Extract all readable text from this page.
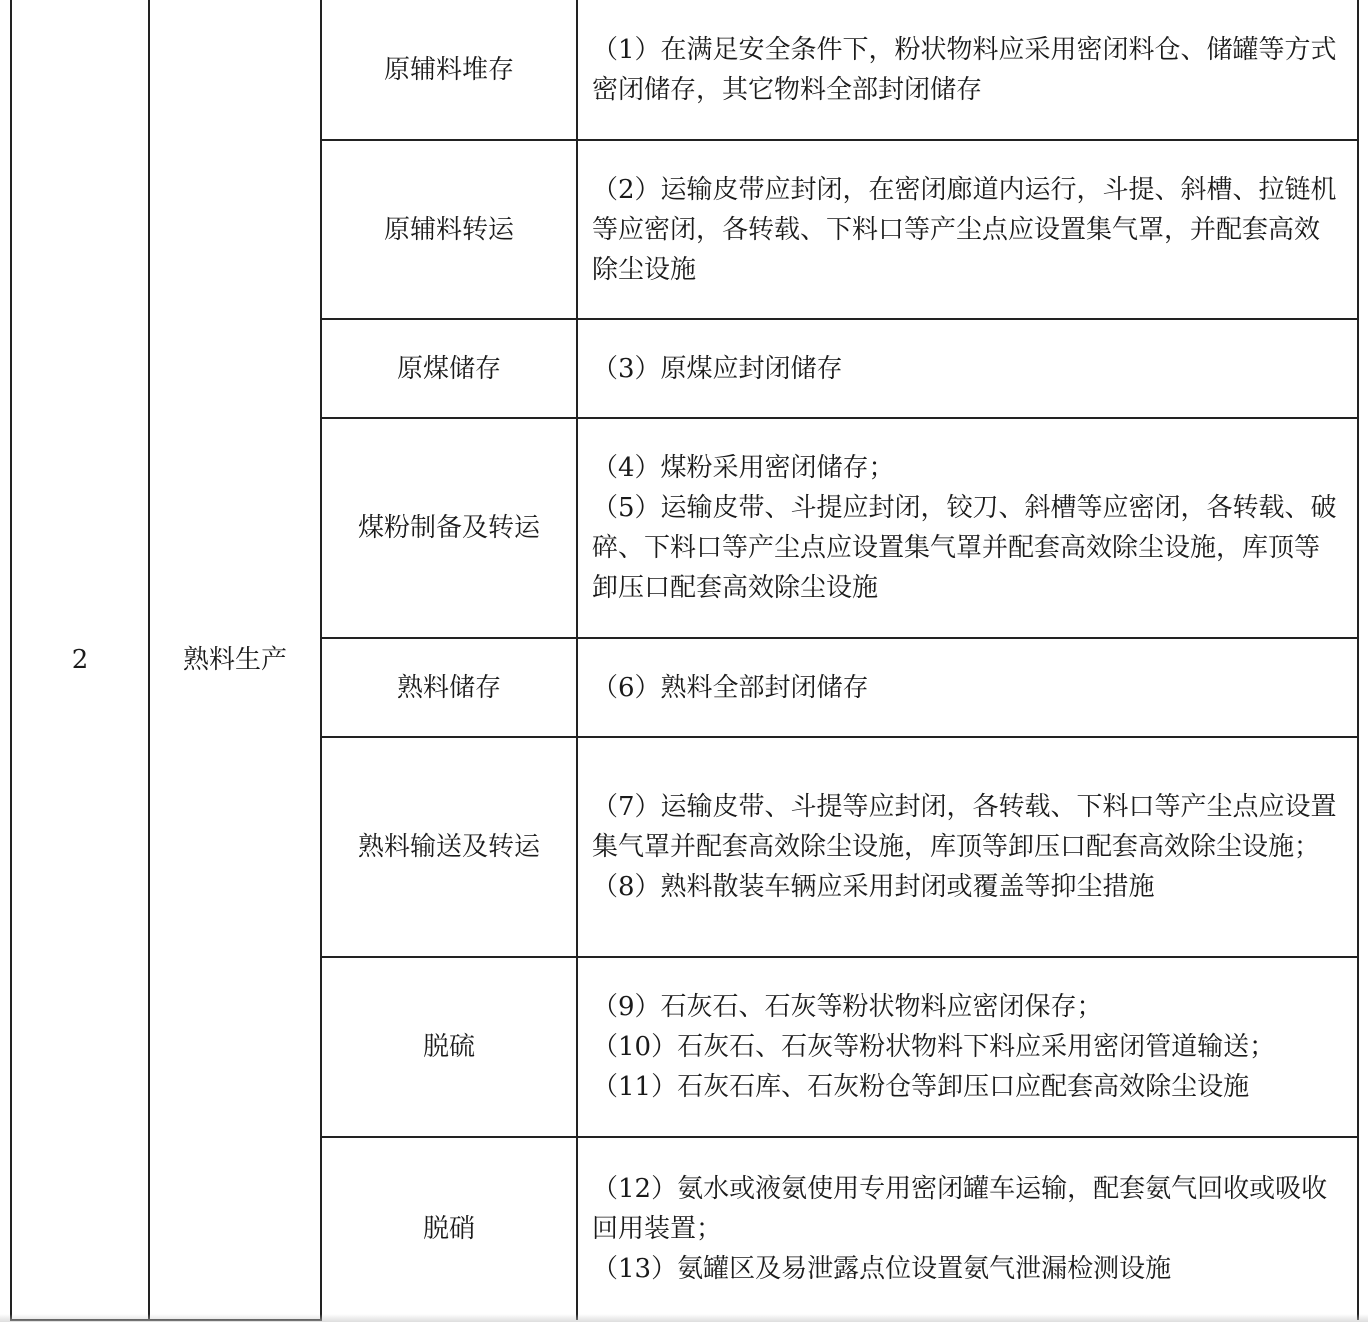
2	熟料生产	原辅料堆存	（1）在满足安全条件下，粉状物料应采用密闭料仓、储罐等方式密闭储存，其它物料全部封闭储存

		原辅料转运	（2）运输皮带应封闭，在密闭廊道内运行，斗提、斜槽、拉链机等应密闭，各转载、下料口等产尘点应设置集气罩，并配套高效除尘设施

		原煤储存	（3）原煤应封闭储存

		煤粉制备及转运	（4）煤粉采用密闭储存；
（5）运输皮带、斗提应封闭，铰刀、斜槽等应密闭，各转载、破碎、下料口等产尘点应设置集气罩并配套高效除尘设施，库顶等卸压口配套高效除尘设施

		熟料储存	（6）熟料全部封闭储存

		熟料输送及转运	（7）运输皮带、斗提等应封闭，各转载、下料口等产尘点应设置集气罩并配套高效除尘设施，库顶等卸压口配套高效除尘设施；
（8）熟料散装车辆应采用封闭或覆盖等抑尘措施

		脱硫	（9）石灰石、石灰等粉状物料应密闭保存；
（10）石灰石、石灰等粉状物料下料应采用密闭管道输送；
（11）石灰石库、石灰粉仓等卸压口应配套高效除尘设施

		脱硝	（12）氨水或液氨使用专用密闭罐车运输，配套氨气回收或吸收回用装置；
（13）氨罐区及易泄露点位设置氨气泄漏检测设施
